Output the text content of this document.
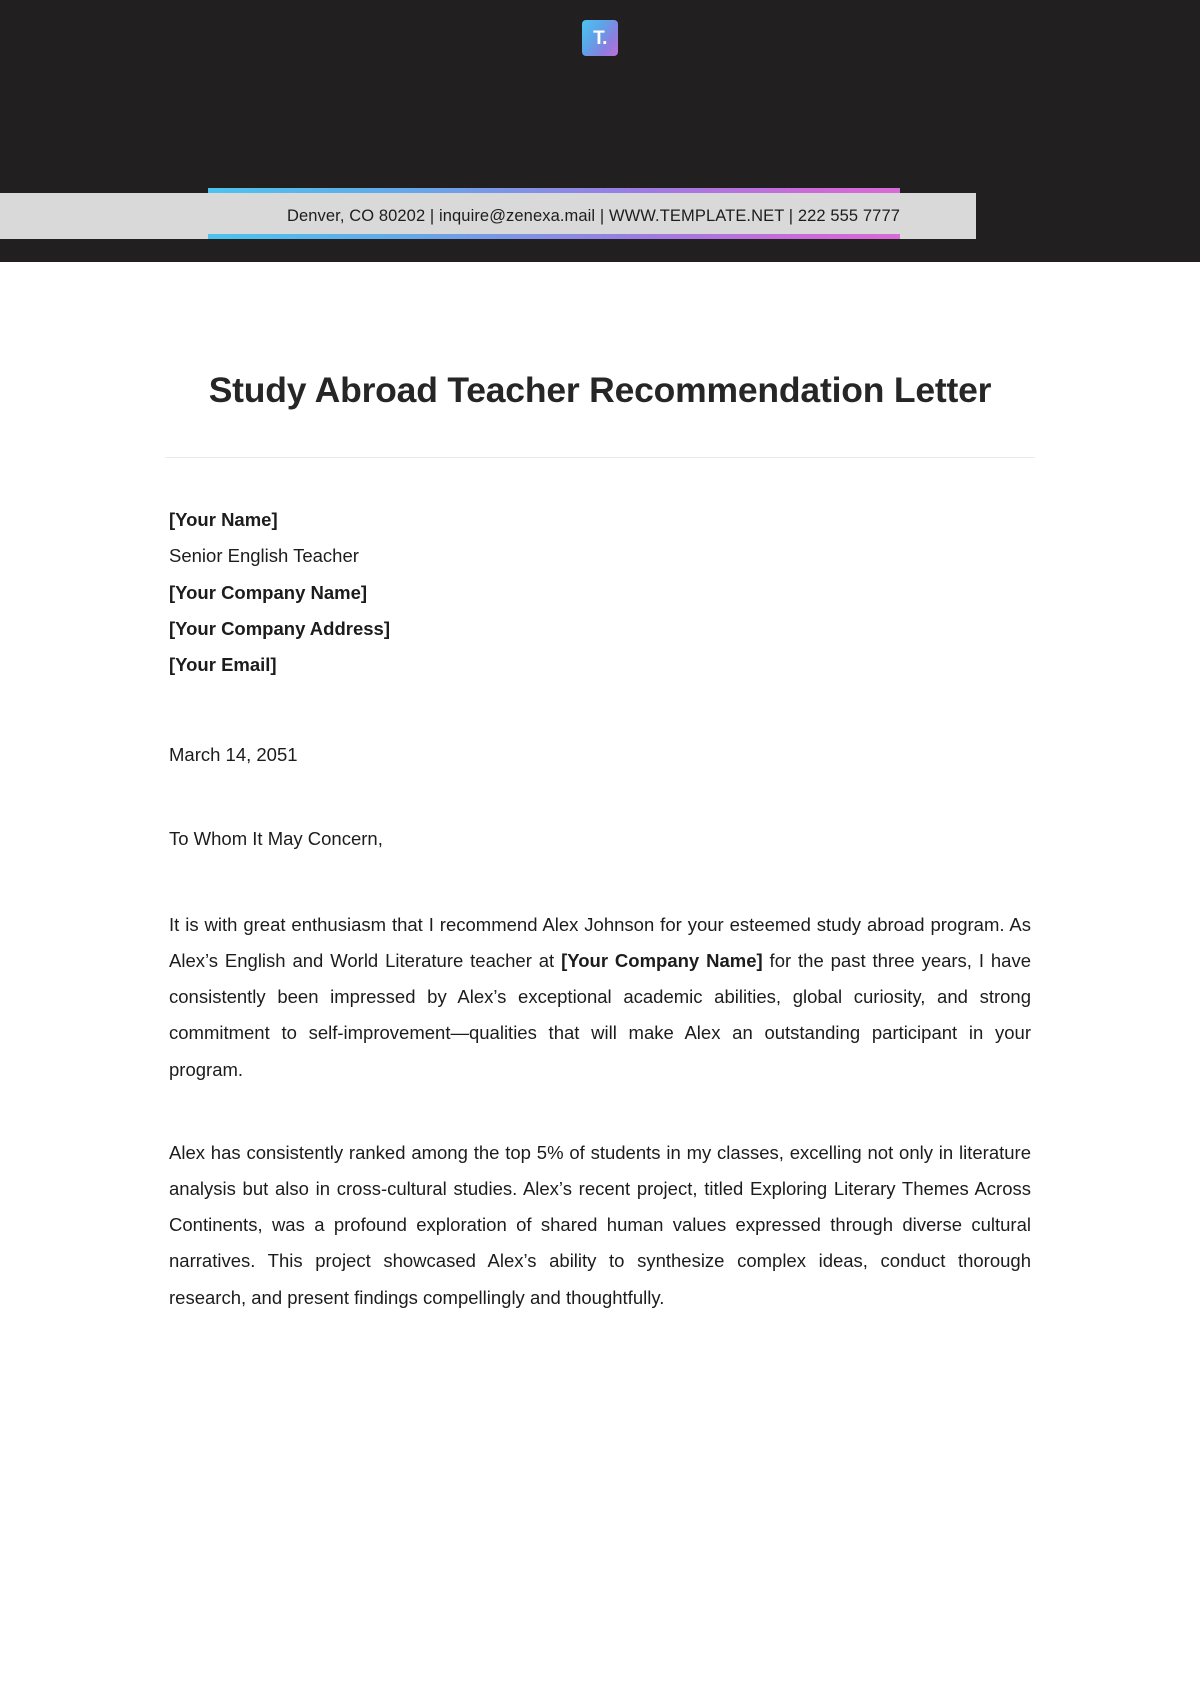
T.
Denver, CO 80202 | inquire@zenexa.mail | WWW.TEMPLATE.NET | 222 555 7777
Study Abroad Teacher Recommendation Letter
[Your Name]
Senior English Teacher
[Your Company Name]
[Your Company Address]
[Your Email]
March 14, 2051
To Whom It May Concern,

It is with great enthusiasm that I recommend Alex Johnson for your esteemed study abroad program. As Alex’s English and World Literature teacher at [Your Company Name] for the past three years, I have consistently been impressed by Alex’s exceptional academic abilities, global curiosity, and strong commitment to self-improvement—qualities that will make Alex an outstanding participant in your program.

Alex has consistently ranked among the top 5% of students in my classes, excelling not only in literature analysis but also in cross-cultural studies. Alex’s recent project, titled Exploring Literary Themes Across Continents, was a profound exploration of shared human values expressed through diverse cultural narratives. This project showcased Alex’s ability to synthesize complex ideas, conduct thorough research, and present findings compellingly and thoughtfully.
